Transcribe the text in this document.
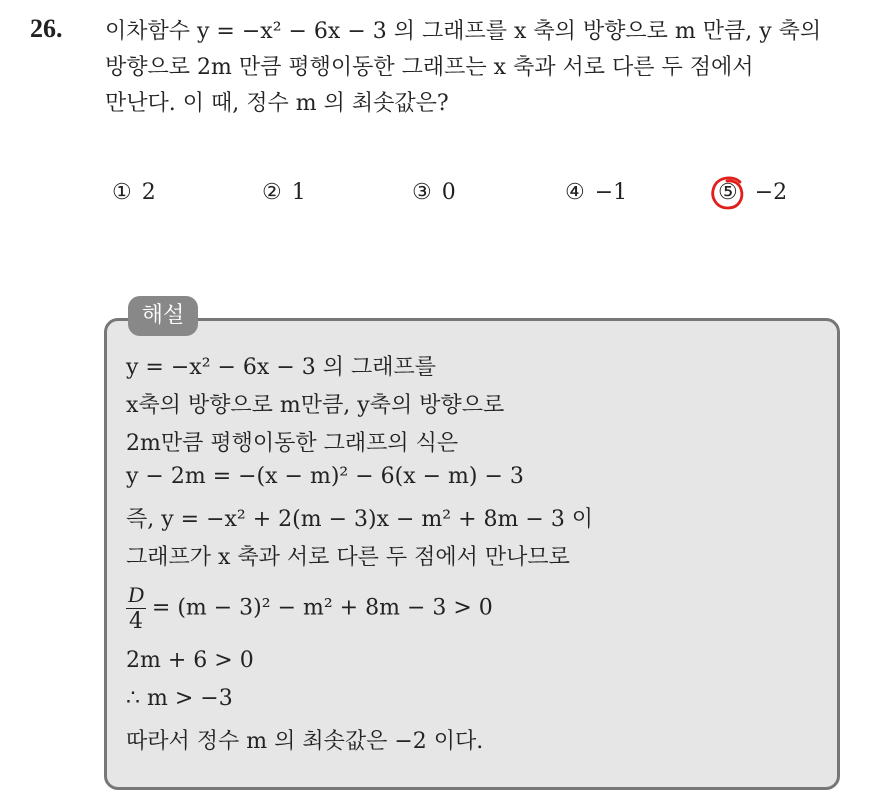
26. 이차함수 y = −x² − 6x − 3 의 그래프를 x 축의 방향으로 m 만큼, y 축의
방향으로 2m 만큼 평행이동한 그래프는 x 축과 서로 다른 두 점에서
만난다. 이 때, 정수 m 의 최솟값은?
① 2	② 1	③ 0	④ −1	⑤ −2
해설
y = −x² − 6x − 3 의 그래프를
x축의 방향으로 m만큼, y축의 방향으로
2m만큼 평행이동한 그래프의 식은
y − 2m = −(x − m)² − 6(x − m) − 3
즉, y = −x² + 2(m − 3)x − m² + 8m − 3 이
그래프가 x 축과 서로 다른 두 점에서 만나므로
$\frac{D}{4} = (m - 3)^2 - m^2 + 8m - 3 > 0$
2m + 6 > 0
∴ m > −3
따라서 정수 m 의 최솟값은 −2 이다.
